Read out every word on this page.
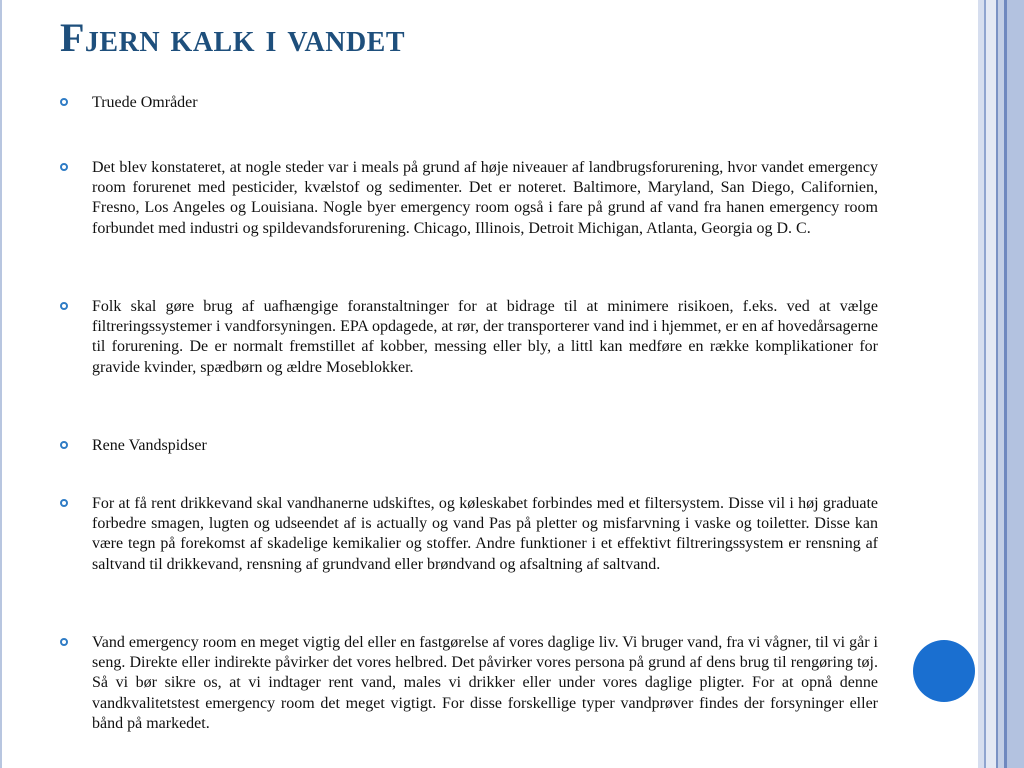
Fjern kalk i vandet
Truede Områder
Det blev konstateret, at nogle steder var i meals på grund af høje niveauer af landbrugsforurening, hvor vandet emergency room forurenet med pesticider, kvælstof og sedimenter. Det er noteret. Baltimore, Maryland, San Diego, Californien, Fresno, Los Angeles og Louisiana. Nogle byer emergency room også i fare på grund af vand fra hanen emergency room forbundet med industri og spildevandsforurening. Chicago, Illinois, Detroit Michigan, Atlanta, Georgia og D. C.
Folk skal gøre brug af uafhængige foranstaltninger for at bidrage til at minimere risikoen, f.eks. ved at vælge filtreringssystemer i vandforsyningen. EPA opdagede, at rør, der transporterer vand ind i hjemmet, er en af hovedårsagerne til forurening. De er normalt fremstillet af kobber, messing eller bly, a littl kan medføre en række komplikationer for gravide kvinder, spædbørn og ældre Moseblokker.
Rene Vandspidser
For at få rent drikkevand skal vandhanerne udskiftes, og køleskabet forbindes med et filtersystem. Disse vil i høj graduate forbedre smagen, lugten og udseendet af is actually og vand Pas på pletter og misfarvning i vaske og toiletter. Disse kan være tegn på forekomst af skadelige kemikalier og stoffer. Andre funktioner i et effektivt filtreringssystem er rensning af saltvand til drikkevand, rensning af grundvand eller brøndvand og afsaltning af saltvand.
Vand emergency room en meget vigtig del eller en fastgørelse af vores daglige liv. Vi bruger vand, fra vi vågner, til vi går i seng. Direkte eller indirekte påvirker det vores helbred. Det påvirker vores persona på grund af dens brug til rengøring tøj. Så vi bør sikre os, at vi indtager rent vand, males vi drikker eller under vores daglige pligter. For at opnå denne vandkvalitetstest emergency room det meget vigtigt. For disse forskellige typer vandprøver findes der forsyninger eller bånd på markedet.
